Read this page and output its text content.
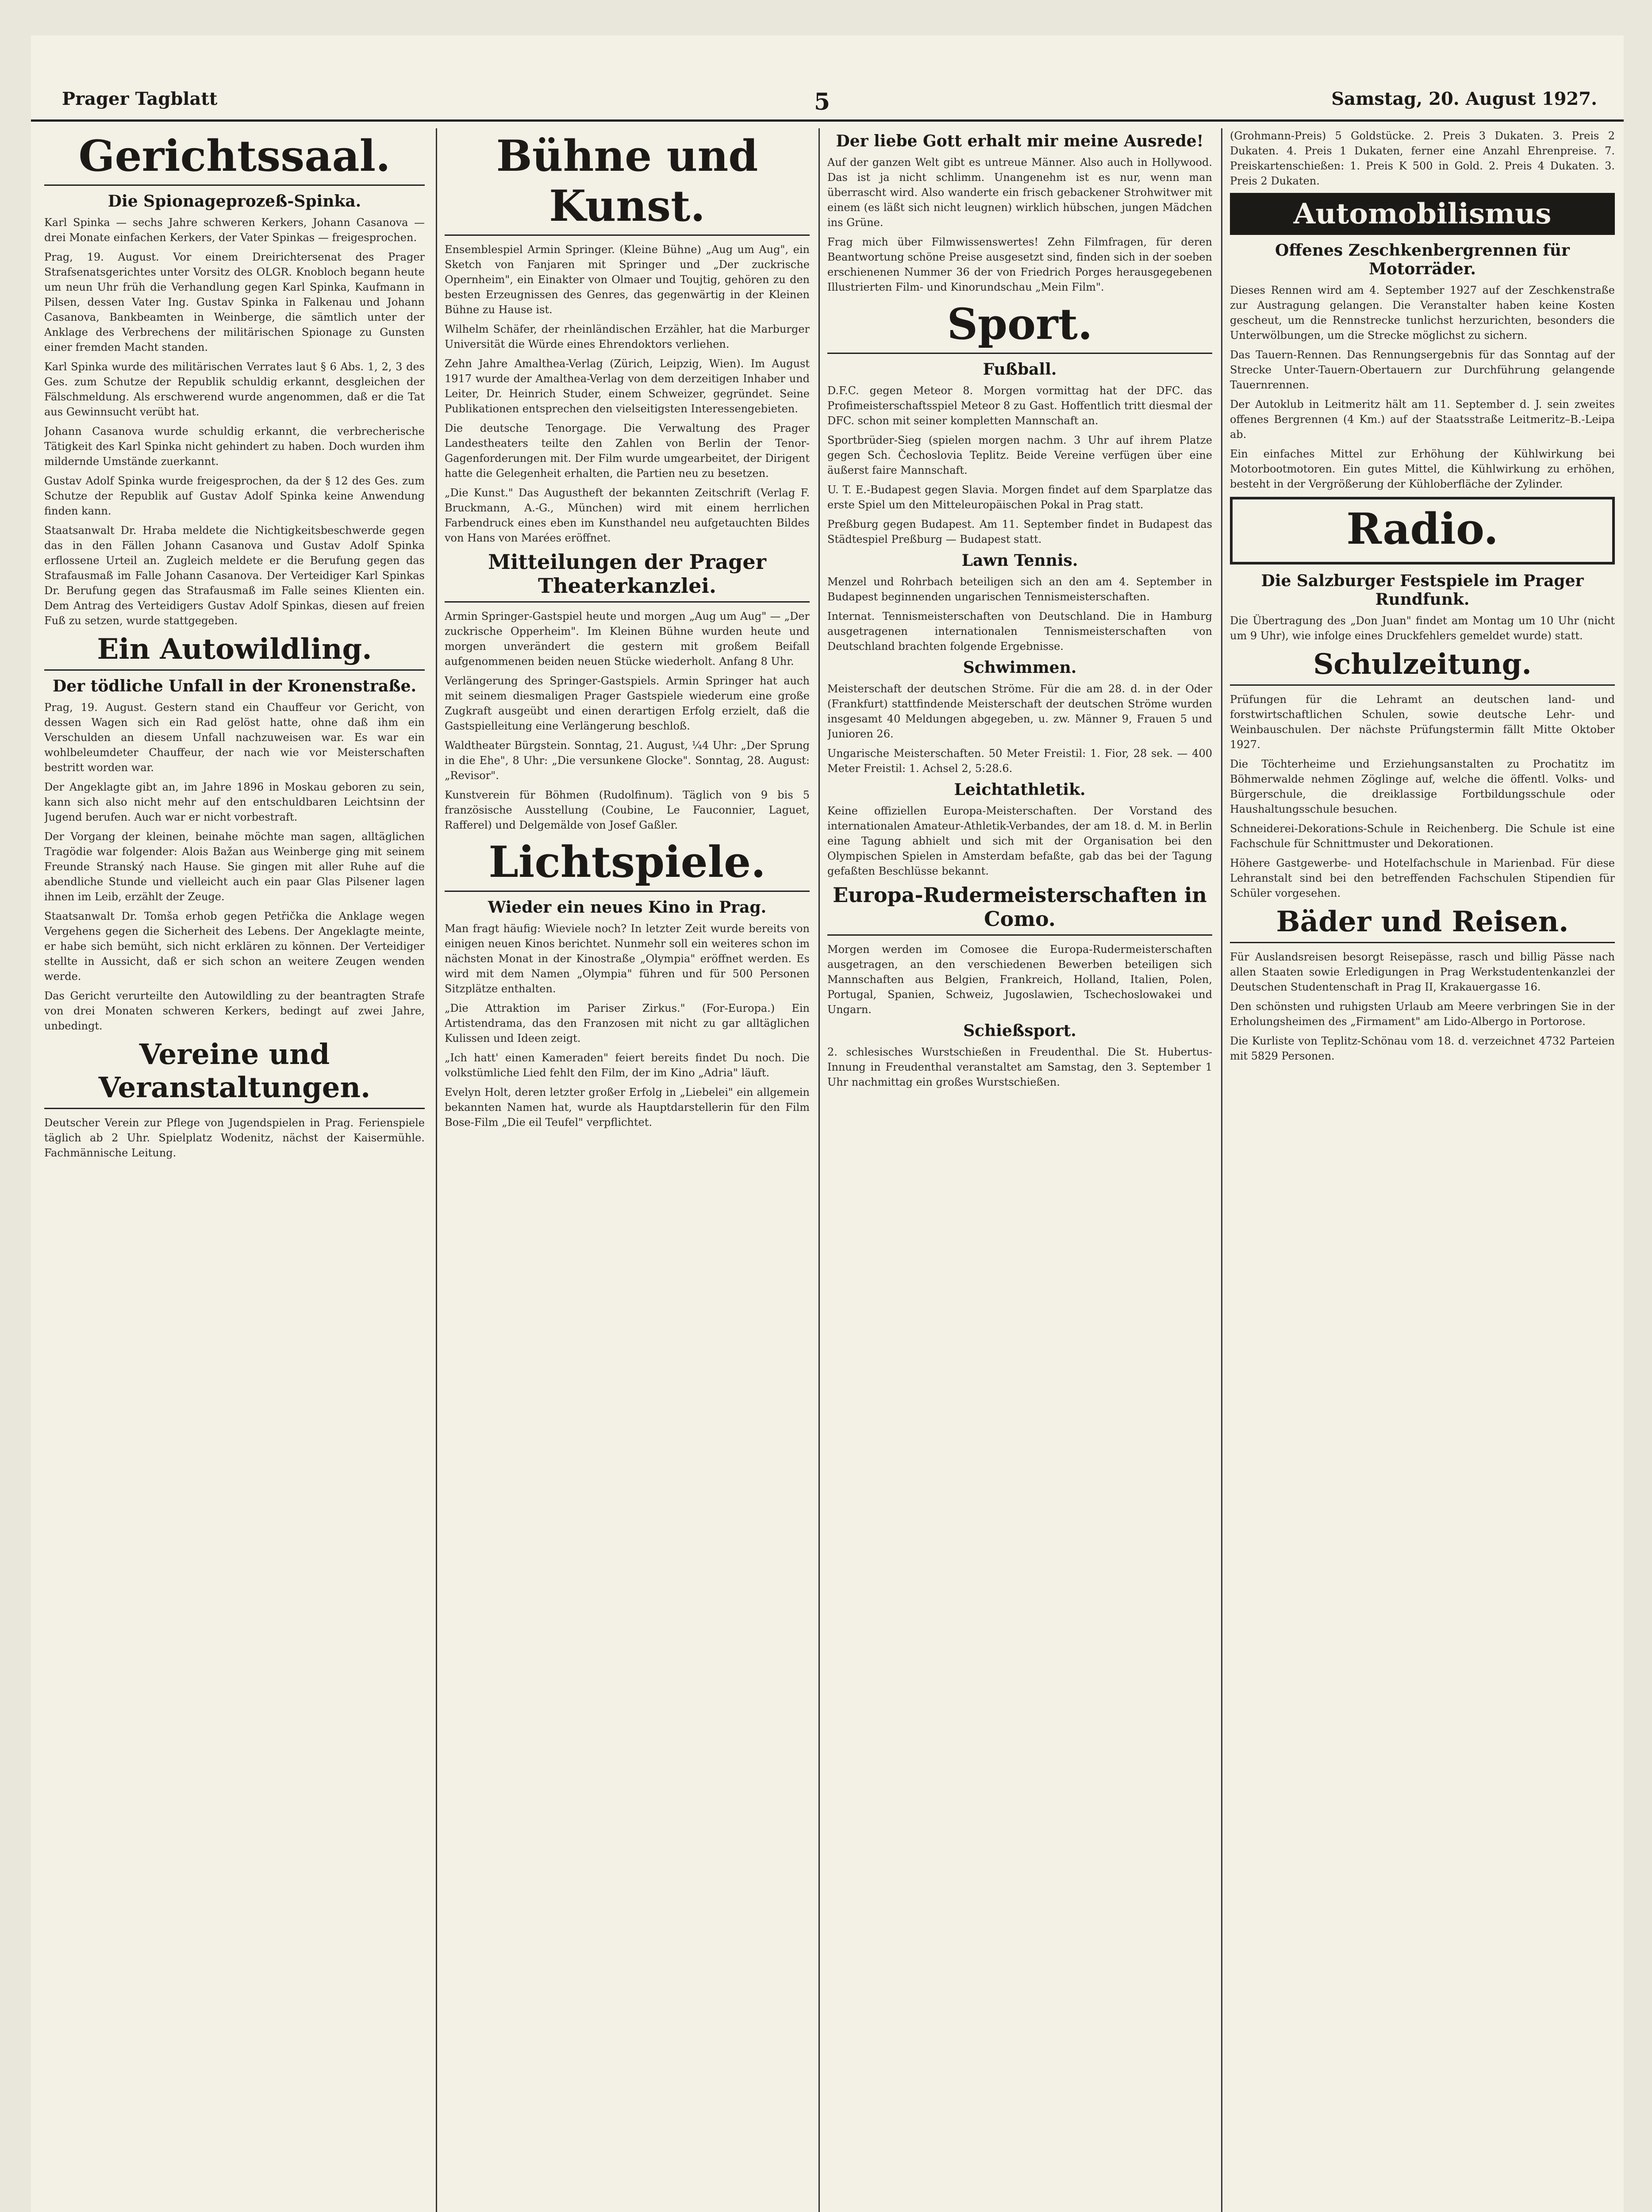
Prager Tagblatt	5	Samstag, 20. August 1927.
Gerichtssaal.
Die Spionageprozeß-Spinka.

Karl Spinka — sechs Jahre schweren Kerkers, Johann Casanova — drei Monate einfachen Kerkers, der Vater Spinkas — freigesprochen.

Prag, 19. August. Vor einem Dreirichtersenat des Prager Strafsenatsgerichtes unter Vorsitz des OLGR. Knobloch begann heute um neun Uhr früh die Verhandlung gegen Karl Spinka, Kaufmann in Pilsen, dessen Vater Ing. Gustav Spinka in Falkenau und Johann Casanova, Bankbeamten in Weinberge, die sämtlich unter der Anklage des Verbrechens der militärischen Spionage zu Gunsten einer fremden Macht standen.

Karl Spinka wurde des militärischen Verrates laut § 6 Abs. 1, 2, 3 des Ges. zum Schutze der Republik schuldig erkannt, desgleichen der Fälschmeldung. Als erschwerend wurde angenommen, daß er die Tat aus Gewinnsucht verübt hat.

Johann Casanova wurde schuldig erkannt, die verbrecherische Tätigkeit des Karl Spinka nicht gehindert zu haben. Doch wurden ihm mildernde Umstände zuerkannt.

Gustav Adolf Spinka wurde freigesprochen, da der § 12 des Ges. zum Schutze der Republik auf Gustav Adolf Spinka keine Anwendung finden kann.

Staatsanwalt Dr. Hraba meldete die Nichtigkeitsbeschwerde gegen das in den Fällen Johann Casanova und Gustav Adolf Spinka erflossene Urteil an. Zugleich meldete er die Berufung gegen das Strafausmaß im Falle Johann Casanova. Der Verteidiger Karl Spinkas Dr. Berufung gegen das Strafausmaß im Falle seines Klienten ein. Dem Antrag des Verteidigers Gustav Adolf Spinkas, diesen auf freien Fuß zu setzen, wurde stattgegeben.

Ein Autowildling.
Der tödliche Unfall in der Kronenstraße.

Prag, 19. August. Gestern stand ein Chauffeur vor Gericht, von dessen Wagen sich ein Rad gelöst hatte, ohne daß ihm ein Verschulden an diesem Unfall nachzuweisen war. Es war ein wohlbeleumdeter Chauffeur, der nach wie vor Meisterschaften bestritt worden war.

Der Angeklagte gibt an, im Jahre 1896 in Moskau geboren zu sein, kann sich also nicht mehr auf den entschuldbaren Leichtsinn der Jugend berufen. Auch war er nicht vorbestraft.

Der Vorgang der kleinen, beinahe möchte man sagen, alltäglichen Tragödie war folgender: Alois Bažan aus Weinberge ging mit seinem Freunde Stranský nach Hause. Sie gingen mit aller Ruhe auf die abendliche Stunde und vielleicht auch ein paar Glas Pilsener lagen ihnen im Leib, erzählt der Zeuge.

Staatsanwalt Dr. Tomša erhob gegen Petřička die Anklage wegen Vergehens gegen die Sicherheit des Lebens. Der Angeklagte meinte, er habe sich bemüht, sich nicht erklären zu können. Der Verteidiger stellte in Aussicht, daß er sich schon an weitere Zeugen wenden werde.

Das Gericht verurteilte den Autowildling zu der beantragten Strafe von drei Monaten schweren Kerkers, bedingt auf zwei Jahre, unbedingt.

Vereine und Veranstaltungen.

Deutscher Verein zur Pflege von Jugendspielen in Prag. Ferienspiele täglich ab 2 Uhr. Spielplatz Wodenitz, nächst der Kaisermühle. Fachmännische Leitung.

Bühne und Kunst.

Ensemblespiel Armin Springer. (Kleine Bühne) „Aug um Aug", ein Sketch von Fanjaren mit Springer und „Der zuckrische Opernheim", ein Einakter von Olmaer und Toujtig, gehören zu den besten Erzeugnissen des Genres, das gegenwärtig in der Kleinen Bühne zu Hause ist.

Wilhelm Schäfer, der rheinländischen Erzähler, hat die Marburger Universität die Würde eines Ehrendoktors verliehen.

Zehn Jahre Amalthea-Verlag (Zürich, Leipzig, Wien). Im August 1917 wurde der Amalthea-Verlag von dem derzeitigen Inhaber und Leiter, Dr. Heinrich Studer, einem Schweizer, gegründet. Seine Publikationen entsprechen den vielseitigsten Interessengebieten.

Die deutsche Tenorgage. Die Verwaltung des Prager Landestheaters teilte den Zahlen von Berlin der Tenor-Gagenforderungen mit. Der Film wurde umgearbeitet, der Dirigent hatte die Gelegenheit erhalten, die Partien neu zu besetzen.

„Die Kunst." Das Augustheft der bekannten Zeitschrift (Verlag F. Bruckmann, A.-G., München) wird mit einem herrlichen Farbendruck eines eben im Kunsthandel neu aufgetauchten Bildes von Hans von Marées eröffnet.

Mitteilungen der Prager Theaterkanzlei.

Armin Springer-Gastspiel heute und morgen „Aug um Aug" — „Der zuckrische Opperheim". Im Kleinen Bühne wurden heute und morgen unverändert die gestern mit großem Beifall aufgenommenen beiden neuen Stücke wiederholt. Anfang 8 Uhr.

Verlängerung des Springer-Gastspiels. Armin Springer hat auch mit seinem diesmaligen Prager Gastspiele wiederum eine große Zugkraft ausgeübt und einen derartigen Erfolg erzielt, daß die Gastspielleitung eine Verlängerung beschloß.

Waldtheater Bürgstein. Sonntag, 21. August, ¼4 Uhr: „Der Sprung in die Ehe", 8 Uhr: „Die versunkene Glocke". Sonntag, 28. August: „Revisor".

Kunstverein für Böhmen (Rudolfinum). Täglich von 9 bis 5 französische Ausstellung (Coubine, Le Fauconnier, Laguet, Rafferel) und Delgemälde von Josef Gaßler.

Lichtspiele.
Wieder ein neues Kino in Prag.

Man fragt häufig: Wieviele noch? In letzter Zeit wurde bereits von einigen neuen Kinos berichtet. Nunmehr soll ein weiteres schon im nächsten Monat in der Kinostraße „Olympia" eröffnet werden. Es wird mit dem Namen „Olympia" führen und für 500 Personen Sitzplätze enthalten.

„Die Attraktion im Pariser Zirkus." (For-Europa.) Ein Artistendrama, das den Franzosen mit nicht zu gar alltäglichen Kulissen und Ideen zeigt.

„Ich hatt' einen Kameraden" feiert bereits findet Du noch. Die volkstümliche Lied fehlt den Film, der im Kino „Adria" läuft.

Evelyn Holt, deren letzter großer Erfolg in „Liebelei" ein allgemein bekannten Namen hat, wurde als Hauptdarstellerin für den Film Bose-Film „Die eil Teufel" verpflichtet.

Der liebe Gott erhalt mir meine Ausrede!

Auf der ganzen Welt gibt es untreue Männer. Also auch in Hollywood. Das ist ja nicht schlimm. Unangenehm ist es nur, wenn man überrascht wird. Also wanderte ein frisch gebackener Strohwitwer mit einem (es läßt sich nicht leugnen) wirklich hübschen, jungen Mädchen ins Grüne.

Frag mich über Filmwissenswertes! Zehn Filmfragen, für deren Beantwortung schöne Preise ausgesetzt sind, finden sich in der soeben erschienenen Nummer 36 der von Friedrich Porges herausgegebenen Illustrierten Film- und Kinorundschau „Mein Film".

Sport.
Fußball.

D.F.C. gegen Meteor 8. Morgen vormittag hat der DFC. das Profimeisterschaftsspiel Meteor 8 zu Gast. Hoffentlich tritt diesmal der DFC. schon mit seiner kompletten Mannschaft an.

Sportbrüder-Sieg (spielen morgen nachm. 3 Uhr auf ihrem Platze gegen Sch. Čechoslovia Teplitz. Beide Vereine verfügen über eine äußerst faire Mannschaft.

U. T. E.-Budapest gegen Slavia. Morgen findet auf dem Sparplatze das erste Spiel um den Mitteleuropäischen Pokal in Prag statt.

Preßburg gegen Budapest. Am 11. September findet in Budapest das Städtespiel Preßburg — Budapest statt.

Lawn Tennis.

Menzel und Rohrbach beteiligen sich an den am 4. September in Budapest beginnenden ungarischen Tennismeisterschaften.

Internat. Tennismeisterschaften von Deutschland. Die in Hamburg ausgetragenen internationalen Tennismeisterschaften von Deutschland brachten folgende Ergebnisse.

Schwimmen.

Meisterschaft der deutschen Ströme. Für die am 28. d. in der Oder (Frankfurt) stattfindende Meisterschaft der deutschen Ströme wurden insgesamt 40 Meldungen abgegeben, u. zw. Männer 9, Frauen 5 und Junioren 26.

Ungarische Meisterschaften. 50 Meter Freistil: 1. Fior, 28 sek. — 400 Meter Freistil: 1. Achsel 2, 5:28.6.

Leichtathletik.

Keine offiziellen Europa-Meisterschaften. Der Vorstand des internationalen Amateur-Athletik-Verbandes, der am 18. d. M. in Berlin eine Tagung abhielt und sich mit der Organisation bei den Olympischen Spielen in Amsterdam befaßte, gab das bei der Tagung gefaßten Beschlüsse bekannt.

Europa-Rudermeisterschaften in Como.

Morgen werden im Comosee die Europa-Rudermeisterschaften ausgetragen, an den verschiedenen Bewerben beteiligen sich Mannschaften aus Belgien, Frankreich, Holland, Italien, Polen, Portugal, Spanien, Schweiz, Jugoslawien, Tschechoslowakei und Ungarn.

Schießsport.

2. schlesisches Wurstschießen in Freudenthal. Die St. Hubertus-Innung in Freudenthal veranstaltet am Samstag, den 3. September 1 Uhr nachmittag ein großes Wurstschießen.

(Grohmann-Preis) 5 Goldstücke. 2. Preis 3 Dukaten. 3. Preis 2 Dukaten. 4. Preis 1 Dukaten, ferner eine Anzahl Ehrenpreise. 7. Preiskartenschießen: 1. Preis K 500 in Gold. 2. Preis 4 Dukaten. 3. Preis 2 Dukaten.

Automobilismus
Offenes Zeschkenbergrennen für Motorräder.

Dieses Rennen wird am 4. September 1927 auf der Zeschkenstraße zur Austragung gelangen. Die Veranstalter haben keine Kosten gescheut, um die Rennstrecke tunlichst herzurichten, besonders die Unterwölbungen, um die Strecke möglichst zu sichern.

Das Tauern-Rennen. Das Rennungsergebnis für das Sonntag auf der Strecke Unter-Tauern-Obertauern zur Durchführung gelangende Tauernrennen.

Der Autoklub in Leitmeritz hält am 11. September d. J. sein zweites offenes Bergrennen (4 Km.) auf der Staatsstraße Leitmeritz–B.-Leipa ab.

Ein einfaches Mittel zur Erhöhung der Kühlwirkung bei Motorbootmotoren. Ein gutes Mittel, die Kühlwirkung zu erhöhen, besteht in der Vergrößerung der Kühloberfläche der Zylinder.

Radio.
Die Salzburger Festspiele im Prager Rundfunk.

Die Übertragung des „Don Juan" findet am Montag um 10 Uhr (nicht um 9 Uhr), wie infolge eines Druckfehlers gemeldet wurde) statt.

Schulzeitung.

Prüfungen für die Lehramt an deutschen land- und forstwirtschaftlichen Schulen, sowie deutsche Lehr- und Weinbauschulen. Der nächste Prüfungstermin fällt Mitte Oktober 1927.

Die Töchterheime und Erziehungsanstalten zu Prochatitz im Böhmerwalde nehmen Zöglinge auf, welche die öffentl. Volks- und Bürgerschule, die dreiklassige Fortbildungsschule oder Haushaltungsschule besuchen.

Schneiderei-Dekorations-Schule in Reichenberg. Die Schule ist eine Fachschule für Schnittmuster und Dekorationen.

Höhere Gastgewerbe- und Hotelfachschule in Marienbad. Für diese Lehranstalt sind bei den betreffenden Fachschulen Stipendien für Schüler vorgesehen.

Bäder und Reisen.

Für Auslandsreisen besorgt Reisepässe, rasch und billig Pässe nach allen Staaten sowie Erledigungen in Prag Werkstudentenkanzlei der Deutschen Studentenschaft in Prag II, Krakauergasse 16.

Den schönsten und ruhigsten Urlaub am Meere verbringen Sie in der Erholungsheimen des „Firmament" am Lido-Albergo in Portorose.

Die Kurliste von Teplitz-Schönau vom 18. d. verzeichnet 4732 Parteien mit 5829 Personen.
